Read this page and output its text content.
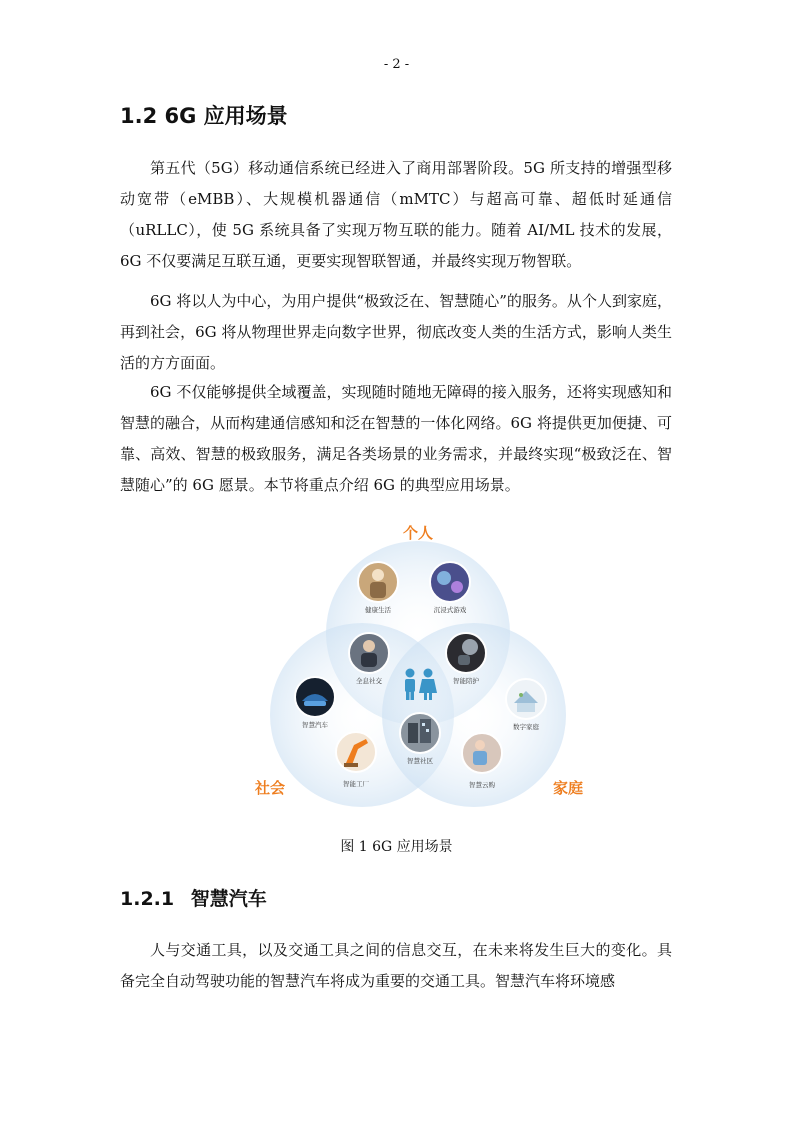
- 2 -
1.2 6G 应用场景

第五代（5G）移动通信系统已经进入了商用部署阶段。5G 所支持的增强型移动宽带（eMBB）、大规模机器通信（mMTC）与超高可靠、超低时延通信（uRLLC），使 5G 系统具备了实现万物互联的能力。随着 AI/ML 技术的发展，6G 不仅要满足互联互通，更要实现智联智通，并最终实现万物智联。

6G 将以人为中心，为用户提供“极致泛在、智慧随心”的服务。从个人到家庭，再到社会，6G 将从物理世界走向数字世界，彻底改变人类的生活方式，影响人类生活的方方面面。

6G 不仅能够提供全域覆盖，实现随时随地无障碍的接入服务，还将实现感知和智慧的融合，从而构建通信感知和泛在智慧的一体化网络。6G 将提供更加便捷、可靠、高效、智慧的极致服务，满足各类场景的业务需求，并最终实现“极致泛在、智慧随心”的 6G 愿景。本节将重点介绍 6G 的典型应用场景。

个人
社会	家庭
健康生活	沉浸式游戏
全息社交	智能陪护
智慧汽车	数字家庭
智慧社区
智能工厂	智慧云购
图 1 6G 应用场景
1.2.1 智慧汽车

人与交通工具，以及交通工具之间的信息交互，在未来将发生巨大的变化。具备完全自动驾驶功能的智慧汽车将成为重要的交通工具。智慧汽车将环境感
